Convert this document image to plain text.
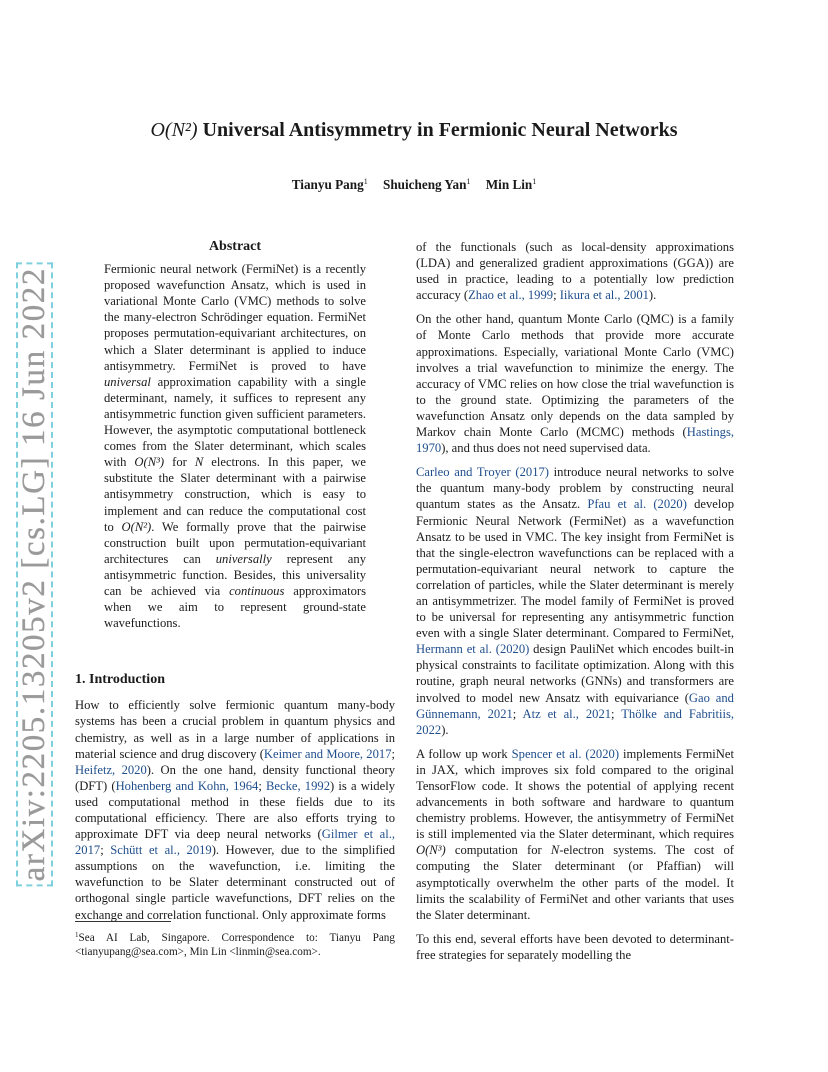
arXiv:2205.13205v2 [cs.LG] 16 Jun 2022
O(N²) Universal Antisymmetry in Fermionic Neural Networks
Tianyu Pang$^1$ Shuicheng Yan$^1$ Min Lin$^1$
Abstract

Fermionic neural network (FermiNet) is a recently proposed wavefunction Ansatz, which is used in variational Monte Carlo (VMC) methods to solve the many-electron Schrödinger equation. FermiNet proposes permutation-equivariant architectures, on which a Slater determinant is applied to induce antisymmetry. FermiNet is proved to have universal approximation capability with a single determinant, namely, it suffices to represent any antisymmetric function given sufficient parameters. However, the asymptotic computational bottleneck comes from the Slater determinant, which scales with O(N³) for N electrons. In this paper, we substitute the Slater determinant with a pairwise antisymmetry construction, which is easy to implement and can reduce the computational cost to O(N²). We formally prove that the pairwise construction built upon permutation-equivariant architectures can universally represent any antisymmetric function. Besides, this universality can be achieved via continuous approximators when we aim to represent ground-state wavefunctions.

1. Introduction

How to efficiently solve fermionic quantum many-body systems has been a crucial problem in quantum physics and chemistry, as well as in a large number of applications in material science and drug discovery (Keimer and Moore, 2017; Heifetz, 2020). On the one hand, density functional theory (DFT) (Hohenberg and Kohn, 1964; Becke, 1992) is a widely used computational method in these fields due to its computational efficiency. There are also efforts trying to approximate DFT via deep neural networks (Gilmer et al., 2017; Schütt et al., 2019). However, due to the simplified assumptions on the wavefunction, i.e. limiting the wavefunction to be Slater determinant constructed out of orthogonal single particle wavefunctions, DFT relies on the exchange and correlation functional. Only approximate forms

$^1$Sea AI Lab, Singapore. Correspondence to: Tianyu Pang <tianyupang@sea.com>, Min Lin <linmin@sea.com>.

of the functionals (such as local-density approximations (LDA) and generalized gradient approximations (GGA)) are used in practice, leading to a potentially low prediction accuracy (Zhao et al., 1999; Iikura et al., 2001).

On the other hand, quantum Monte Carlo (QMC) is a family of Monte Carlo methods that provide more accurate approximations. Especially, variational Monte Carlo (VMC) involves a trial wavefunction to minimize the energy. The accuracy of VMC relies on how close the trial wavefunction is to the ground state. Optimizing the parameters of the wavefunction Ansatz only depends on the data sampled by Markov chain Monte Carlo (MCMC) methods (Hastings, 1970), and thus does not need supervised data.

Carleo and Troyer (2017) introduce neural networks to solve the quantum many-body problem by constructing neural quantum states as the Ansatz. Pfau et al. (2020) develop Fermionic Neural Network (FermiNet) as a wavefunction Ansatz to be used in VMC. The key insight from FermiNet is that the single-electron wavefunctions can be replaced with a permutation-equivariant neural network to capture the correlation of particles, while the Slater determinant is merely an antisymmetrizer. The model family of FermiNet is proved to be universal for representing any antisymmetric function even with a single Slater determinant. Compared to FermiNet, Hermann et al. (2020) design PauliNet which encodes built-in physical constraints to facilitate optimization. Along with this routine, graph neural networks (GNNs) and transformers are involved to model new Ansatz with equivariance (Gao and Günnemann, 2021; Atz et al., 2021; Thölke and Fabritiis, 2022).

A follow up work Spencer et al. (2020) implements FermiNet in JAX, which improves six fold compared to the original TensorFlow code. It shows the potential of applying recent advancements in both software and hardware to quantum chemistry problems. However, the antisymmetry of FermiNet is still implemented via the Slater determinant, which requires O(N³) computation for N-electron systems. The cost of computing the Slater determinant (or Pfaffian) will asymptotically overwhelm the other parts of the model. It limits the scalability of FermiNet and other variants that uses the Slater determinant.

To this end, several efforts have been devoted to determinant-free strategies for separately modelling the
